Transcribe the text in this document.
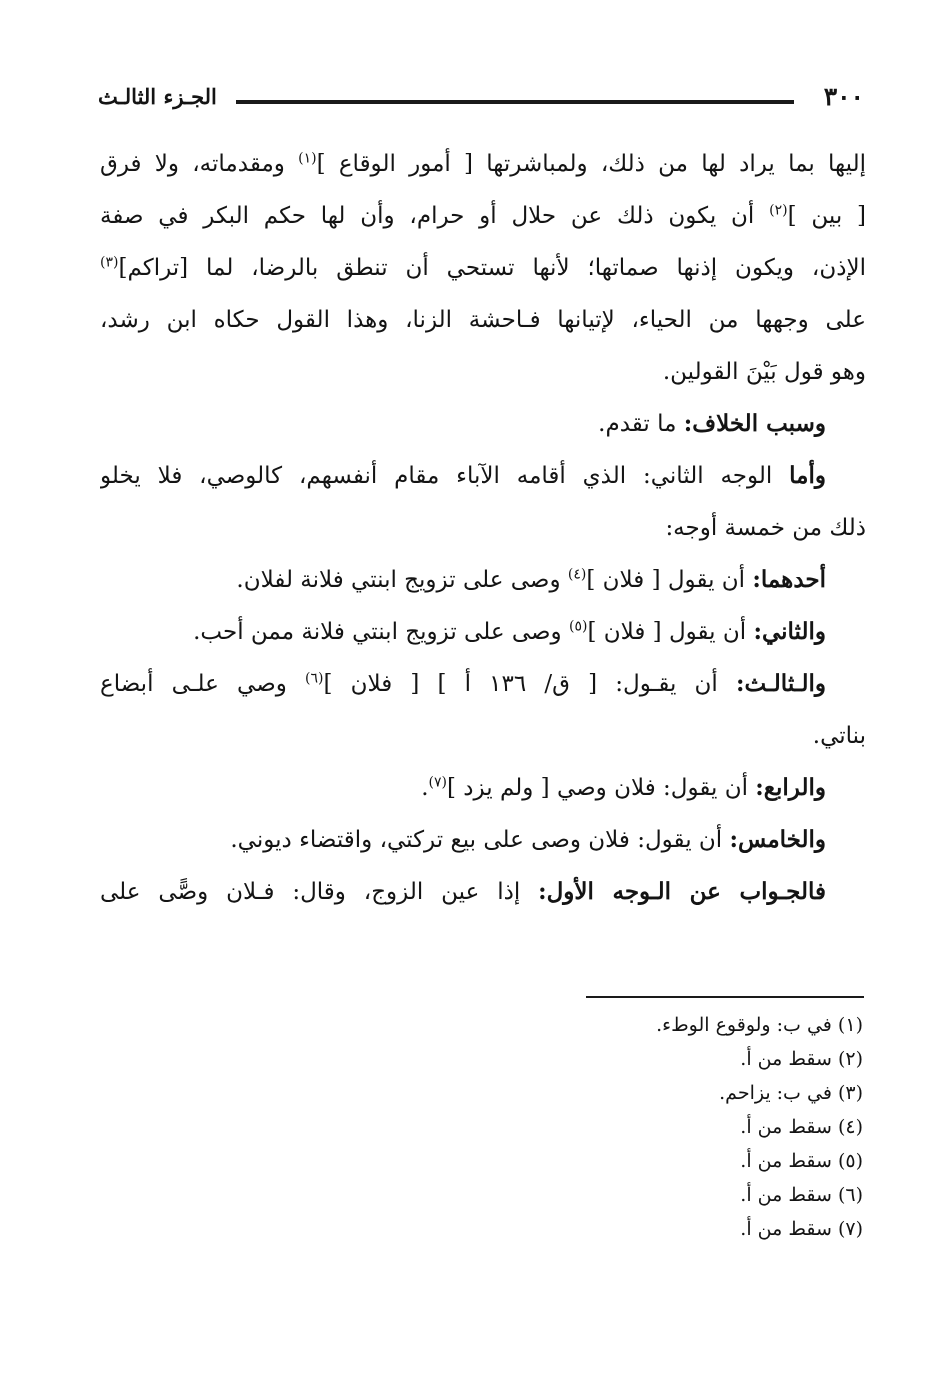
٣٠٠
الجـزء الثالـث
إليها بما يراد لها من ذلك، ولمباشرتها [ أمور الوقاع ]$^{(١)}$ ومقدماته، ولا فرق
[ بين ]$^{(٢)}$ أن يكون ذلك عن حلال أو حرام، وأن لها حكم البكر في صفة
الإذن، ويكون إذنها صماتها؛ لأنها تستحي أن تنطق بالرضا، لما [تراكم]$^{(٣)}$
على وجهها من الحياء، لإتيانها فـاحشة الزنا، وهذا القول حكاه ابن رشد،
وهو قول بَيْنَ القولين.
وسبب الخلاف: ما تقدم.
وأما الوجه الثاني: الذي أقامه الآباء مقام أنفسهم، كالوصي، فلا يخلو
ذلك من خمسة أوجه:
أحدهما: أن يقول [ فلان ]$^{(٤)}$ وصى على تزويج ابنتي فلانة لفلان.
والثاني: أن يقول [ فلان ]$^{(٥)}$ وصى على تزويج ابنتي فلانة ممن أحب.
والـثالـث: أن يقـول: [ ق/ ١٣٦ أ ] [ فلان ]$^{(٦)}$ وصي علـى أبضاع
بناتي.
والرابع: أن يقول: فلان وصي [ ولم يزد ]$^{(٧)}$.
والخامس: أن يقول: فلان وصى على بيع تركتي، واقتضاء ديوني.
فالجـواب عن الـوجه الأول: إذا عين الزوج، وقال: فـلان وصًّى على
(١) في ب: ولوقوع الوطء.
(٢) سقط من أ.
(٣) في ب: يزاحم.
(٤) سقط من أ.
(٥) سقط من أ.
(٦) سقط من أ.
(٧) سقط من أ.
